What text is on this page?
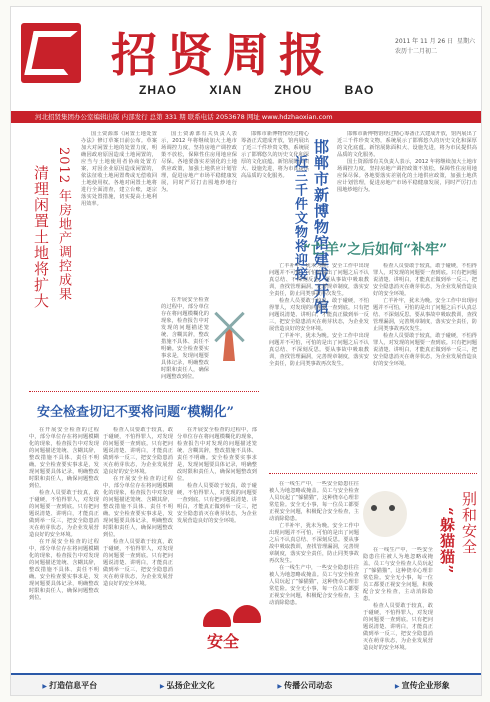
招贤周报
ZHAO XIAN ZHOU BAO
2011 年 11 月 26 日 星期六
农历十二月初二
河北招贤集团办公室编辑出版 内部发行 总第 331 期 联系电话 2053678 网址 www.hdzhaoxian.com
清理闲置土地将扩大 2012 年房地产调控成果

国土资源部《闲置土地处置办法》修订草案日前公布。草案加大对闲置土地的处置力度，明确因政府原因造成土地闲置的，应当与土地使用者协商处置方案，对因企业原因造成闲置的，依法征收土地闲置费或无偿收回土地使用权。各地对闲置土地将进行全面清查，建立台账，逐宗落实处置措施，切实提高土地利用效率。

国土资源部有关负责人表示，2012 年将继续加大土地市场调控力度，坚持房地产调控政策不放松，保障性住房用地应保尽保。各地要落实差别化的土地供应政策，加强土地供应计划管理，促进房地产市场平稳健康发展，同时严厉打击囤地炒地行为。

邯郸市新博物馆经过精心筹备正式建成开放，馆内展出了近三千件珍贵文物，系统展示了邯郸悠久的历史文化和深厚的文化底蕴。新馆展陈面积大、设施先进，将为市民提供高品质的文化服务。	邯郸市新博物馆建成开馆
近三千件文物将迎接

邯郸市新博物馆经过精心筹备正式建成开放，馆内展出了近三千件珍贵文物，系统展示了邯郸悠久的历史文化和深厚的文化底蕴。新馆展陈面积大、设施先进，将为市民提供高品质的文化服务。

国土资源部有关负责人表示，2012 年将继续加大土地市场调控力度，坚持房地产调控政策不放松，保障性住房用地应保尽保。各地要落实差别化的土地供应政策，加强土地供应计划管理，促进房地产市场平稳健康发展，同时严厉打击囤地炒地行为。

在开展安全检查的过程中，部分单位存在将问题模糊化的现象，检查报告中对发现的问题描述笼统、含糊其辞，整改措施不具体、责任不明确。安全检查要实事求是，发现问题要具体记录，明确整改时限和责任人，确保问题整改到位。

“亡羊”之后如何“补牢”

亡羊补牢，犹未为晚。安全工作中出现问题并不可怕，可怕的是出了问题之后不认真总结、不深刻反思。要从事故中吸取教训，查找管理漏洞，完善规章制度，落实安全责任，防止同类事故再次发生。

检查人员要敢于较真，敢于碰硬，不怕得罪人，对发现的问题要一查到底。只有把问题说清楚、讲明白，才能真正做到举一反三，把安全隐患消灭在萌芽状态，为企业发展营造良好的安全环境。

亡羊补牢，犹未为晚。安全工作中出现问题并不可怕，可怕的是出了问题之后不认真总结、不深刻反思。要从事故中吸取教训，查找管理漏洞，完善规章制度，落实安全责任，防止同类事故再次发生。

检查人员要敢于较真，敢于碰硬，不怕得罪人，对发现的问题要一查到底。只有把问题说清楚、讲明白，才能真正做到举一反三，把安全隐患消灭在萌芽状态，为企业发展营造良好的安全环境。

亡羊补牢，犹未为晚。安全工作中出现问题并不可怕，可怕的是出了问题之后不认真总结、不深刻反思。要从事故中吸取教训，查找管理漏洞，完善规章制度，落实安全责任，防止同类事故再次发生。

检查人员要敢于较真，敢于碰硬，不怕得罪人，对发现的问题要一查到底。只有把问题说清楚、讲明白，才能真正做到举一反三，把安全隐患消灭在萌芽状态，为企业发展营造良好的安全环境。

安全检查切记不要将问题“模糊化”

在开展安全检查的过程中，部分单位存在将问题模糊化的现象，检查报告中对发现的问题描述笼统、含糊其辞，整改措施不具体、责任不明确。安全检查要实事求是，发现问题要具体记录，明确整改时限和责任人，确保问题整改到位。

检查人员要敢于较真，敢于碰硬，不怕得罪人，对发现的问题要一查到底。只有把问题说清楚、讲明白，才能真正做到举一反三，把安全隐患消灭在萌芽状态，为企业发展营造良好的安全环境。

在开展安全检查的过程中，部分单位存在将问题模糊化的现象，检查报告中对发现的问题描述笼统、含糊其辞，整改措施不具体、责任不明确。安全检查要实事求是，发现问题要具体记录，明确整改时限和责任人，确保问题整改到位。

检查人员要敢于较真，敢于碰硬，不怕得罪人，对发现的问题要一查到底。只有把问题说清楚、讲明白，才能真正做到举一反三，把安全隐患消灭在萌芽状态，为企业发展营造良好的安全环境。

在开展安全检查的过程中，部分单位存在将问题模糊化的现象，检查报告中对发现的问题描述笼统、含糊其辞，整改措施不具体、责任不明确。安全检查要实事求是，发现问题要具体记录，明确整改时限和责任人，确保问题整改到位。

检查人员要敢于较真，敢于碰硬，不怕得罪人，对发现的问题要一查到底。只有把问题说清楚、讲明白，才能真正做到举一反三，把安全隐患消灭在萌芽状态，为企业发展营造良好的安全环境。

在开展安全检查的过程中，部分单位存在将问题模糊化的现象，检查报告中对发现的问题描述笼统、含糊其辞，整改措施不具体、责任不明确。安全检查要实事求是，发现问题要具体记录，明确整改时限和责任人，确保问题整改到位。

检查人员要敢于较真，敢于碰硬，不怕得罪人，对发现的问题要一查到底。只有把问题说清楚、讲明白，才能真正做到举一反三，把安全隐患消灭在萌芽状态，为企业发展营造良好的安全环境。

安全

在一线生产中，一些安全隐患往往被人为地忽略或掩盖。员工与安全检查人员玩起了“躲猫猫”，这种侥幸心理非常危险。安全无小事，每一位员工都要正视安全问题，积极配合安全检查，主动消除隐患。

亡羊补牢，犹未为晚。安全工作中出现问题并不可怕，可怕的是出了问题之后不认真总结、不深刻反思。要从事故中吸取教训，查找管理漏洞，完善规章制度，落实安全责任，防止同类事故再次发生。

在一线生产中，一些安全隐患往往被人为地忽略或掩盖。员工与安全检查人员玩起了“躲猫猫”，这种侥幸心理非常危险。安全无小事，每一位员工都要正视安全问题，积极配合安全检查，主动消除隐患。

别和安全
“躲猫猫”

在一线生产中，一些安全隐患往往被人为地忽略或掩盖。员工与安全检查人员玩起了“躲猫猫”，这种侥幸心理非常危险。安全无小事，每一位员工都要正视安全问题，积极配合安全检查，主动消除隐患。

检查人员要敢于较真，敢于碰硬，不怕得罪人，对发现的问题要一查到底。只有把问题说清楚、讲明白，才能真正做到举一反三，把安全隐患消灭在萌芽状态，为企业发展营造良好的安全环境。

▶ 打造信息平台	▶ 弘扬企业文化	▶ 传播公司动态	▶ 宣传企业形象
